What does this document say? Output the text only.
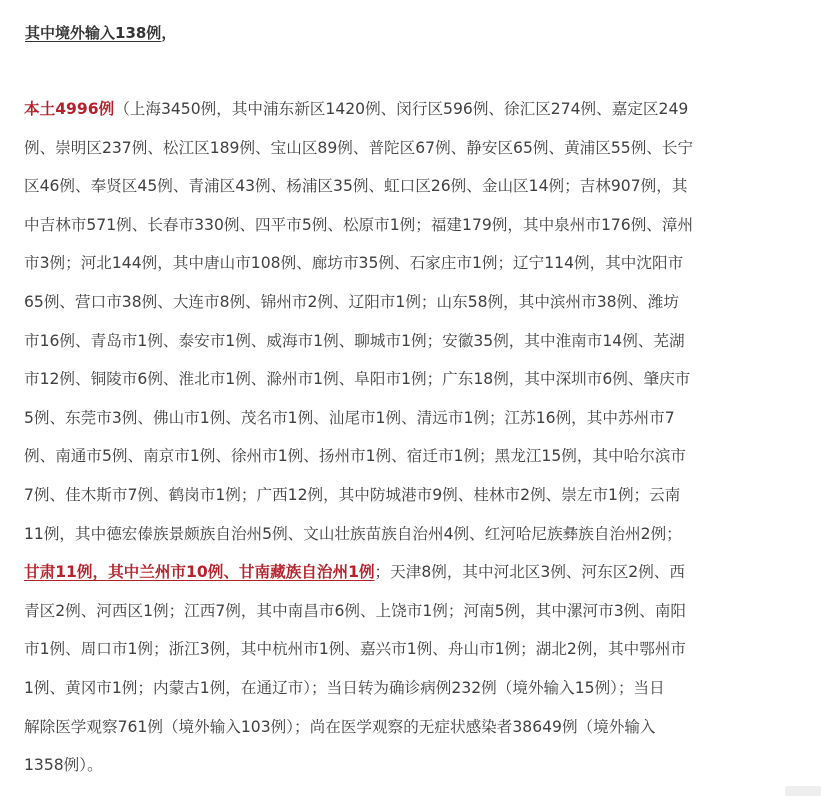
其中境外输入138例，
本土4996例（上海3450例，其中浦东新区1420例、闵行区596例、徐汇区274例、嘉定区249
例、崇明区237例、松江区189例、宝山区89例、普陀区67例、静安区65例、黄浦区55例、长宁
区46例、奉贤区45例、青浦区43例、杨浦区35例、虹口区26例、金山区14例；吉林907例，其
中吉林市571例、长春市330例、四平市5例、松原市1例；福建179例，其中泉州市176例、漳州
市3例；河北144例，其中唐山市108例、廊坊市35例、石家庄市1例；辽宁114例，其中沈阳市
65例、营口市38例、大连市8例、锦州市2例、辽阳市1例；山东58例，其中滨州市38例、潍坊
市16例、青岛市1例、泰安市1例、威海市1例、聊城市1例；安徽35例，其中淮南市14例、芜湖
市12例、铜陵市6例、淮北市1例、滁州市1例、阜阳市1例；广东18例，其中深圳市6例、肇庆市
5例、东莞市3例、佛山市1例、茂名市1例、汕尾市1例、清远市1例；江苏16例，其中苏州市7
例、南通市5例、南京市1例、徐州市1例、扬州市1例、宿迁市1例；黑龙江15例，其中哈尔滨市
7例、佳木斯市7例、鹤岗市1例；广西12例，其中防城港市9例、桂林市2例、崇左市1例；云南
11例，其中德宏傣族景颇族自治州5例、文山壮族苗族自治州4例、红河哈尼族彝族自治州2例；
甘肃11例，其中兰州市10例、甘南藏族自治州1例；天津8例，其中河北区3例、河东区2例、西
青区2例、河西区1例；江西7例，其中南昌市6例、上饶市1例；河南5例，其中漯河市3例、南阳
市1例、周口市1例；浙江3例，其中杭州市1例、嘉兴市1例、舟山市1例；湖北2例，其中鄂州市
1例、黄冈市1例；内蒙古1例，在通辽市）；当日转为确诊病例232例（境外输入15例）；当日
解除医学观察761例（境外输入103例）；尚在医学观察的无症状感染者38649例（境外输入
1358例）。
